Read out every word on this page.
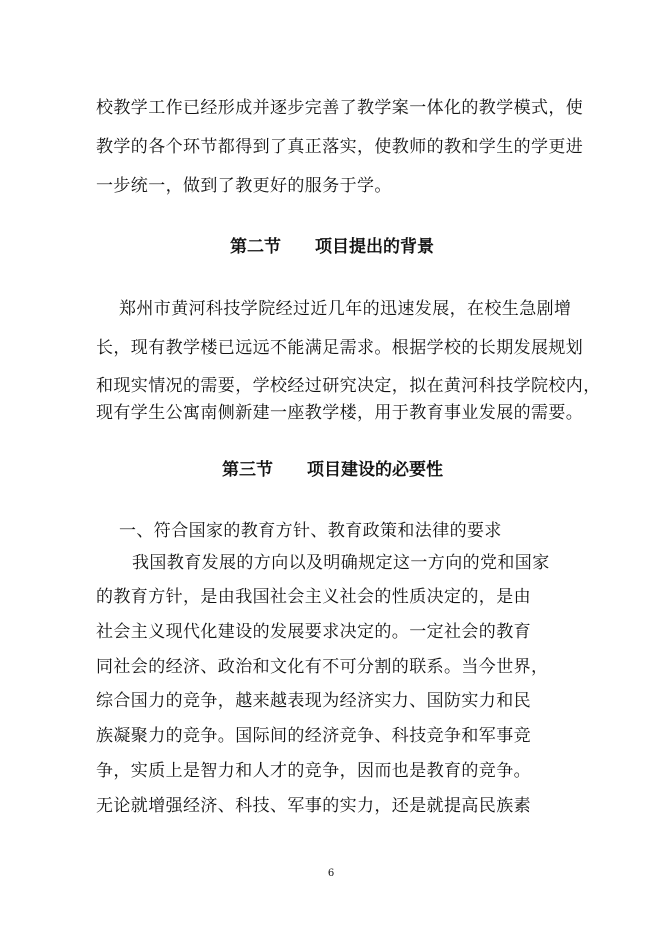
校教学工作已经形成并逐步完善了教学案一体化的教学模式，使
教学的各个环节都得到了真正落实，使教师的教和学生的学更进
一步统一，做到了教更好的服务于学。
第二节 项目提出的背景
郑州市黄河科技学院经过近几年的迅速发展，在校生急剧增
长，现有教学楼已远远不能满足需求。根据学校的长期发展规划
和现实情况的需要，学校经过研究决定，拟在黄河科技学院校内，
现有学生公寓南侧新建一座教学楼，用于教育事业发展的需要。
第三节 项目建设的必要性
一、符合国家的教育方针、教育政策和法律的要求
我国教育发展的方向以及明确规定这一方向的党和国家
的教育方针，是由我国社会主义社会的性质决定的，是由
社会主义现代化建设的发展要求决定的。一定社会的教育
同社会的经济、政治和文化有不可分割的联系。当今世界，
综合国力的竞争，越来越表现为经济实力、国防实力和民
族凝聚力的竞争。国际间的经济竞争、科技竞争和军事竞
争，实质上是智力和人才的竞争，因而也是教育的竞争。
无论就增强经济、科技、军事的实力，还是就提高民族素
6
